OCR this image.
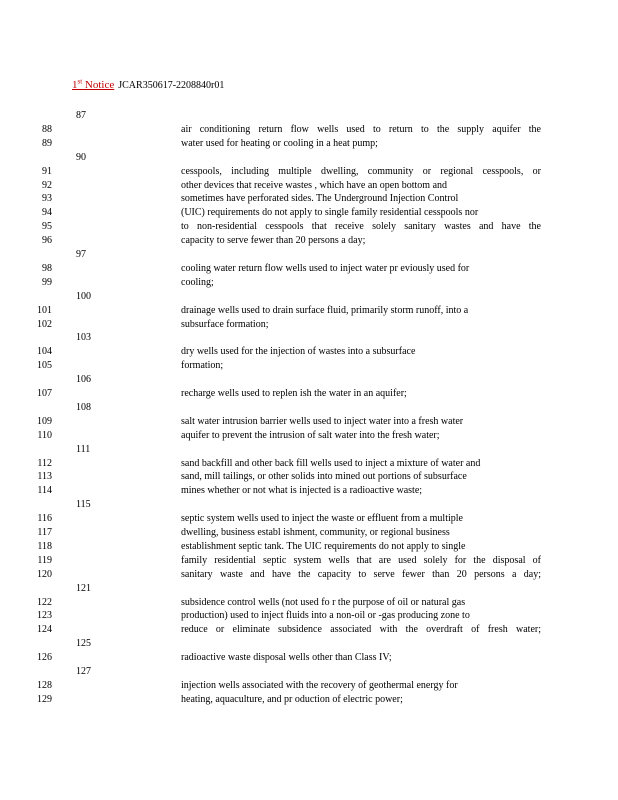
1st Notice JCAR350617-2208840r01
87
88	air conditioning return flow wells used to return to the supply aquifer the
89	water used for heating or cooling in a heat pump;
90
91	cesspools, including multiple dwelling, community or regional cesspools, or
92	other devices that receive wastes , which have an open bottom and
93	sometimes have perforated sides. The Underground Injection Control
94	(UIC) requirements do not apply to single family residential cesspools nor
95	to non-residential cesspools that receive solely sanitary wastes and have the
96	capacity to serve fewer than 20 persons a day;
97
98	cooling water return flow wells used to inject water pr eviously used for
99	cooling;
100
101	drainage wells used to drain surface fluid, primarily storm runoff, into a
102	subsurface formation;
103
104	dry wells used for the injection of wastes into a subsurface
105	formation;
106
107	recharge wells used to replen ish the water in an aquifer;
108
109	salt water intrusion barrier wells used to inject water into a fresh water
110	aquifer to prevent the intrusion of salt water into the fresh water;
111
112	sand backfill and other back fill wells used to inject a mixture of water and
113	sand, mill tailings, or other solids into mined out portions of subsurface
114	mines whether or not what is injected is a radioactive waste;
115
116	septic system wells used to inject the waste or effluent from a multiple
117	dwelling, business establ ishment, community, or regional business
118	establishment septic tank. The UIC requirements do not apply to single
119	family residential septic system wells that are used solely for the disposal of
120	sanitary waste and have the capacity to serve fewer than 20 persons a day;
121
122	subsidence control wells (not used fo r the purpose of oil or natural gas
123	production) used to inject fluids into a non-oil or -gas producing zone to
124	reduce or eliminate subsidence associated with the overdraft of fresh water;
125
126	radioactive waste disposal wells other than Class IV;
127
128	injection wells associated with the recovery of geothermal energy for
129	heating, aquaculture, and pr oduction of electric power;
